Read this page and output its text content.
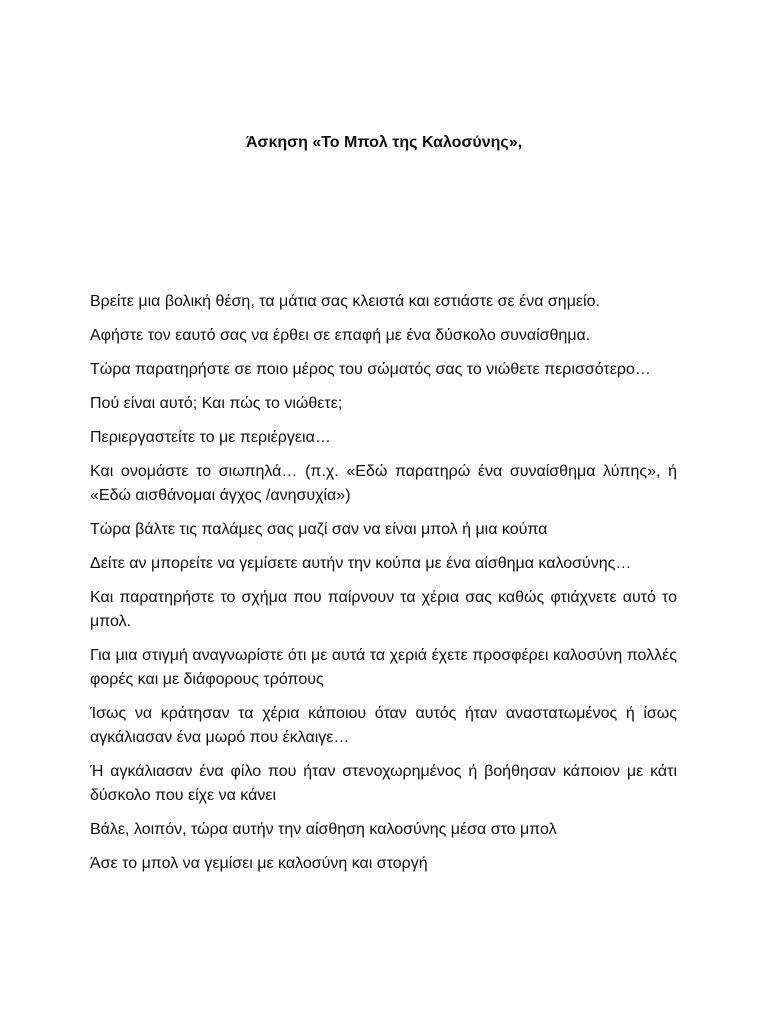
Άσκηση «Το Μπολ της Καλοσύνης»,

Βρείτε μια βολική θέση, τα μάτια σας κλειστά και εστιάστε σε ένα σημείο.

Αφήστε τον εαυτό σας να έρθει σε επαφή με ένα δύσκολο συναίσθημα.

Τώρα παρατηρήστε σε ποιο μέρος του σώματός σας το νιώθετε περισσότερο…

Πού είναι αυτό; Και πώς το νιώθετε;

Περιεργαστείτε το με περιέργεια…

Και ονομάστε το σιωπηλά… (π.χ. «Εδώ παρατηρώ ένα συναίσθημα λύπης», ή «Εδώ αισθάνομαι άγχος /ανησυχία»)

Τώρα βάλτε τις παλάμες σας μαζί σαν να είναι μπολ ή μια κούπα

Δείτε αν μπορείτε να γεμίσετε αυτήν την κούπα με ένα αίσθημα καλοσύνης…

Και παρατηρήστε το σχήμα που παίρνουν τα χέρια σας καθώς φτιάχνετε αυτό το μπολ.

Για μια στιγμή αναγνωρίστε ότι με αυτά τα χεριά έχετε προσφέρει καλοσύνη πολλές φορές και με διάφορους τρόπους

Ίσως να κράτησαν τα χέρια κάποιου όταν αυτός ήταν αναστατωμένος ή ίσως αγκάλιασαν ένα μωρό που έκλαιγε…

Ή αγκάλιασαν ένα φίλο που ήταν στενοχωρημένος ή βοήθησαν κάποιον με κάτι δύσκολο που είχε να κάνει

Βάλε, λοιπόν, τώρα αυτήν την αίσθηση καλοσύνης μέσα στο μπολ

Άσε το μπολ να γεμίσει με καλοσύνη και στοργή
